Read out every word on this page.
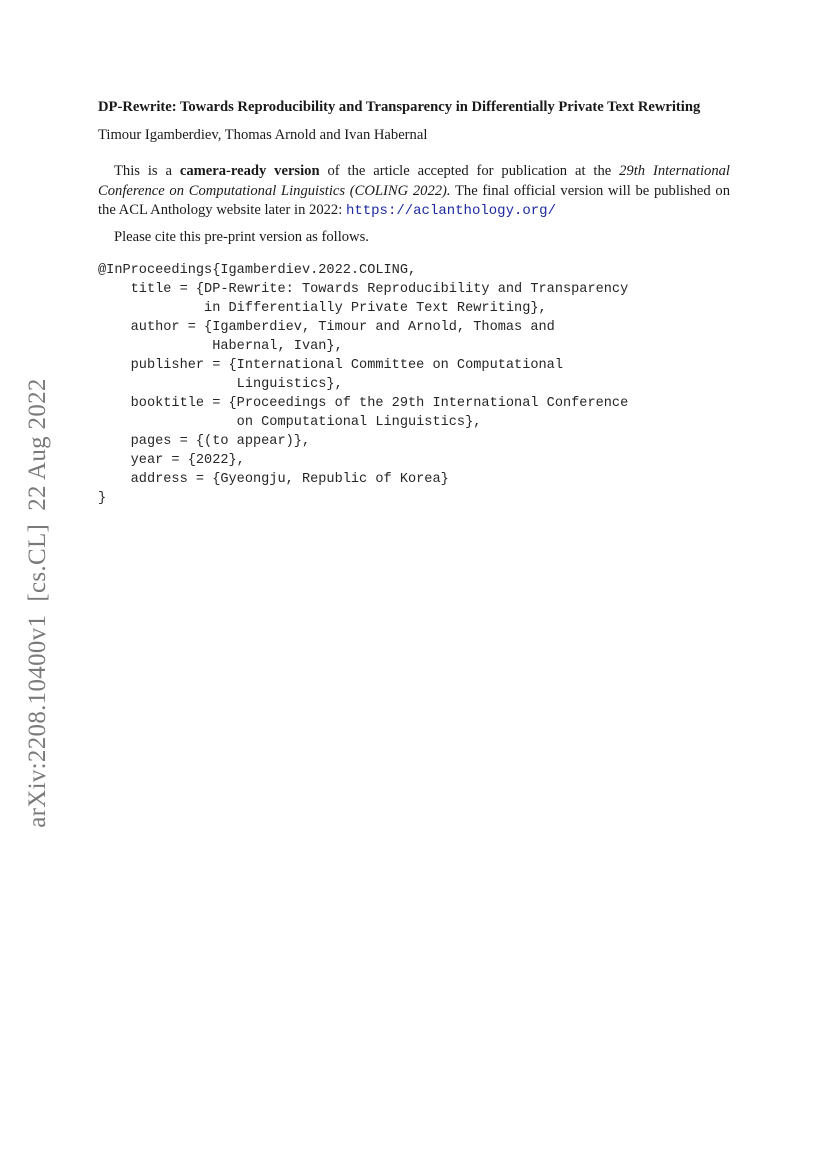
arXiv:2208.10400v1  [cs.CL]  22 Aug 2022
DP-Rewrite: Towards Reproducibility and Transparency in Differentially Private Text Rewriting
Timour Igamberdiev, Thomas Arnold and Ivan Habernal
This is a camera-ready version of the article accepted for publication at the 29th International
Conference on Computational Linguistics (COLING 2022). The final official version will be published on
the ACL Anthology website later in 2022: https://aclanthology.org/
Please cite this pre-print version as follows.
@InProceedings{Igamberdiev.2022.COLING,
title = {DP-Rewrite: Towards Reproducibility and Transparency
in Differentially Private Text Rewriting},
author = {Igamberdiev, Timour and Arnold, Thomas and
Habernal, Ivan},
publisher = {International Committee on Computational
Linguistics},
booktitle = {Proceedings of the 29th International Conference
on Computational Linguistics},
pages = {(to appear)},
year = {2022},
address = {Gyeongju, Republic of Korea}
}
